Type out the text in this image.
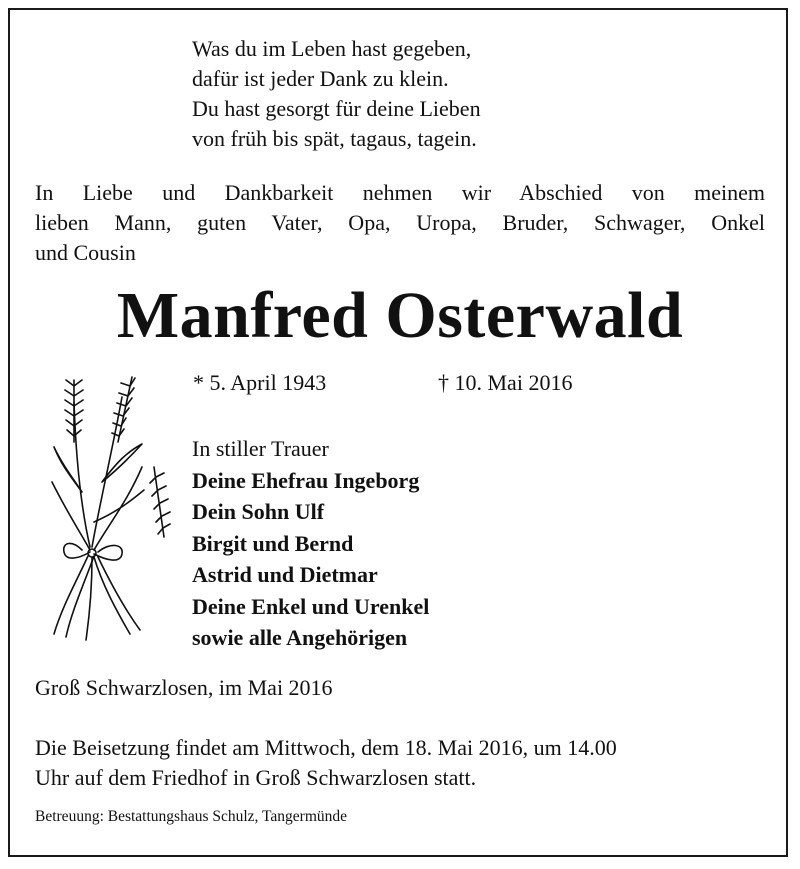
Was du im Leben hast gegeben,
dafür ist jeder Dank zu klein.
Du hast gesorgt für deine Lieben
von früh bis spät, tagaus, tagein.
In Liebe und Dankbarkeit nehmen wir Abschied von meinem
lieben Mann, guten Vater, Opa, Uropa, Bruder, Schwager, Onkel
und Cousin
Manfred Osterwald
* 5. April 1943	† 10. Mai 2016
In stiller Trauer
Deine Ehefrau Ingeborg
Dein Sohn Ulf
Birgit und Bernd
Astrid und Dietmar
Deine Enkel und Urenkel
sowie alle Angehörigen
Groß Schwarzlosen, im Mai 2016
Die Beisetzung findet am Mittwoch, dem 18. Mai 2016, um 14.00
Uhr auf dem Friedhof in Groß Schwarzlosen statt.
Betreuung: Bestattungshaus Schulz, Tangermünde
